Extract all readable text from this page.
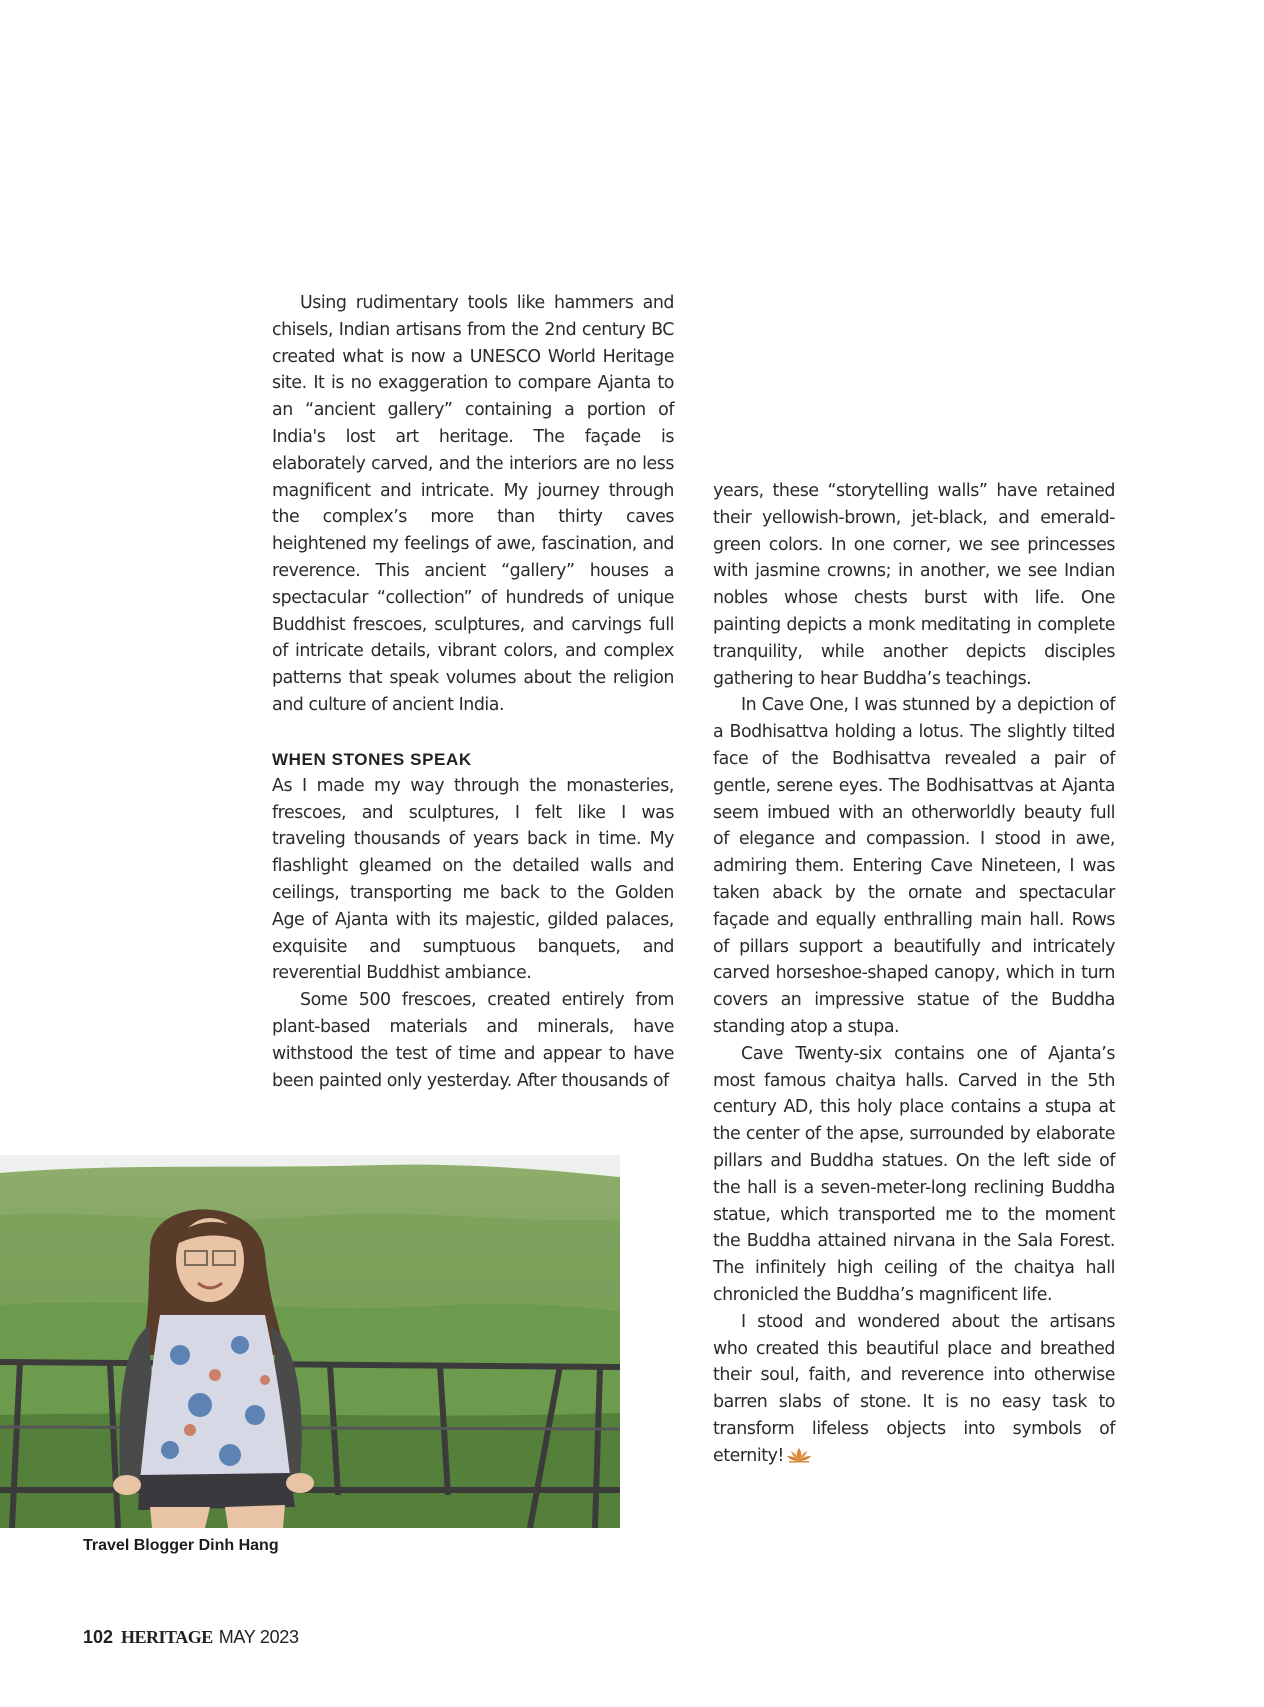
Using rudimentary tools like hammers and chisels, Indian artisans from the 2nd century BC created what is now a UNESCO World Heritage site. It is no exaggeration to compare Ajanta to an “ancient gallery” containing a portion of India's lost art heritage. The façade is elaborately carved, and the interiors are no less magnificent and intricate. My journey through the complex’s more than thirty caves heightened my feelings of awe, fascination, and reverence. This ancient “gallery” houses a spectacular “collection” of hundreds of unique Buddhist frescoes, sculptures, and carvings full of intricate details, vibrant colors, and complex patterns that speak volumes about the religion and culture of ancient India.

WHEN STONES SPEAK

As I made my way through the monasteries, frescoes, and sculptures, I felt like I was traveling thousands of years back in time. My flashlight gleamed on the detailed walls and ceilings, transporting me back to the Golden Age of Ajanta with its majestic, gilded palaces, exquisite and sumptuous banquets, and reverential Buddhist ambiance.

Some 500 frescoes, created entirely from plant-based materials and minerals, have withstood the test of time and appear to have been painted only yesterday. After thousands of

years, these “storytelling walls” have retained their yellowish-brown, jet-black, and emerald-green colors. In one corner, we see princesses with jasmine crowns; in another, we see Indian nobles whose chests burst with life. One painting depicts a monk meditating in complete tranquility, while another depicts disciples gathering to hear Buddha’s teachings.

In Cave One, I was stunned by a depiction of a Bodhisattva holding a lotus. The slightly tilted face of the Bodhisattva revealed a pair of gentle, serene eyes. The Bodhisattvas at Ajanta seem imbued with an otherworldly beauty full of elegance and compassion. I stood in awe, admiring them. Entering Cave Nineteen, I was taken aback by the ornate and spectacular façade and equally enthralling main hall. Rows of pillars support a beautifully and intricately carved horseshoe-shaped canopy, which in turn covers an impressive statue of the Buddha standing atop a stupa.

Cave Twenty-six contains one of Ajanta’s most famous chaitya halls. Carved in the 5th century AD, this holy place contains a stupa at the center of the apse, surrounded by elaborate pillars and Buddha statues. On the left side of the hall is a seven-meter-long reclining Buddha statue, which transported me to the moment the Buddha attained nirvana in the Sala Forest. The infinitely high ceiling of the chaitya hall chronicled the Buddha’s magnificent life.

I stood and wondered about the artisans who created this beautiful place and breathed their soul, faith, and reverence into otherwise barren slabs of stone. It is no easy task to transform lifeless objects into symbols of eternity!

Travel Blogger Dinh Hang
102 HERITAGE MAY 2023
